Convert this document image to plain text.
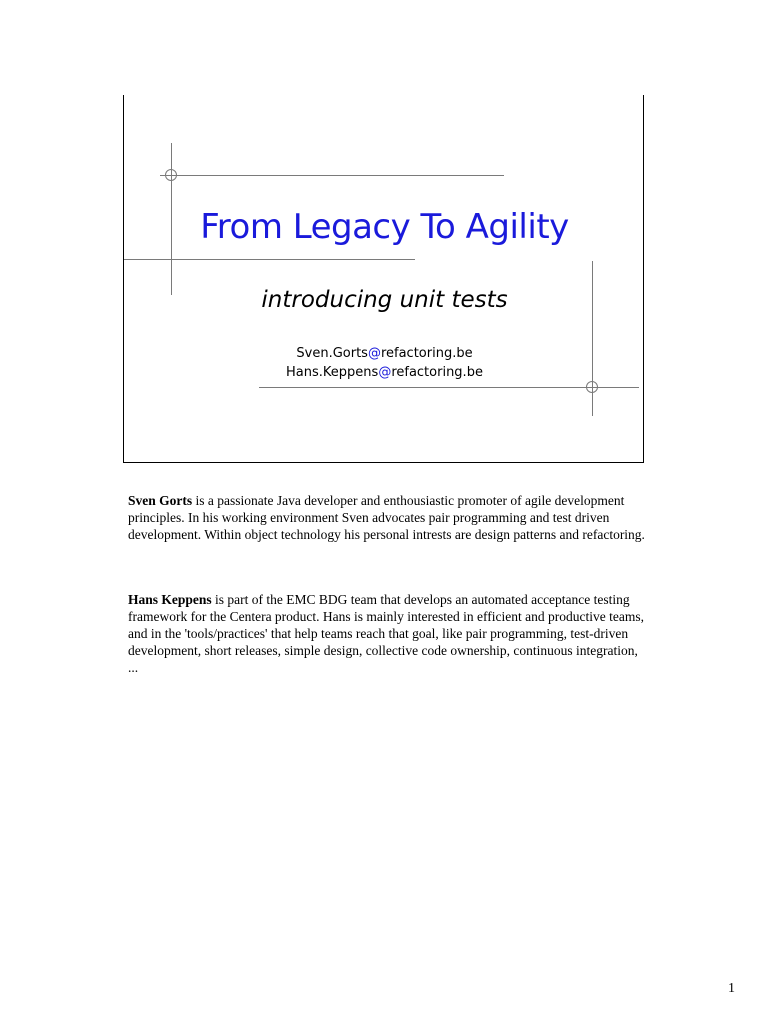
From Legacy To Agility
introducing unit tests
Sven.Gorts@refactoring.be
Hans.Keppens@refactoring.be

Sven Gorts is a passionate Java developer and enthousiastic promoter of agile development principles. In his working environment Sven advocates pair programming and test driven development. Within object technology his personal intrests are design patterns and refactoring.

Hans Keppens is part of the EMC BDG team that develops an automated acceptance testing framework for the Centera product. Hans is mainly interested in efficient and productive teams, and in the 'tools/practices' that help teams reach that goal, like pair programming, test-driven development, short releases, simple design, collective code ownership, continuous integration, ...

1
